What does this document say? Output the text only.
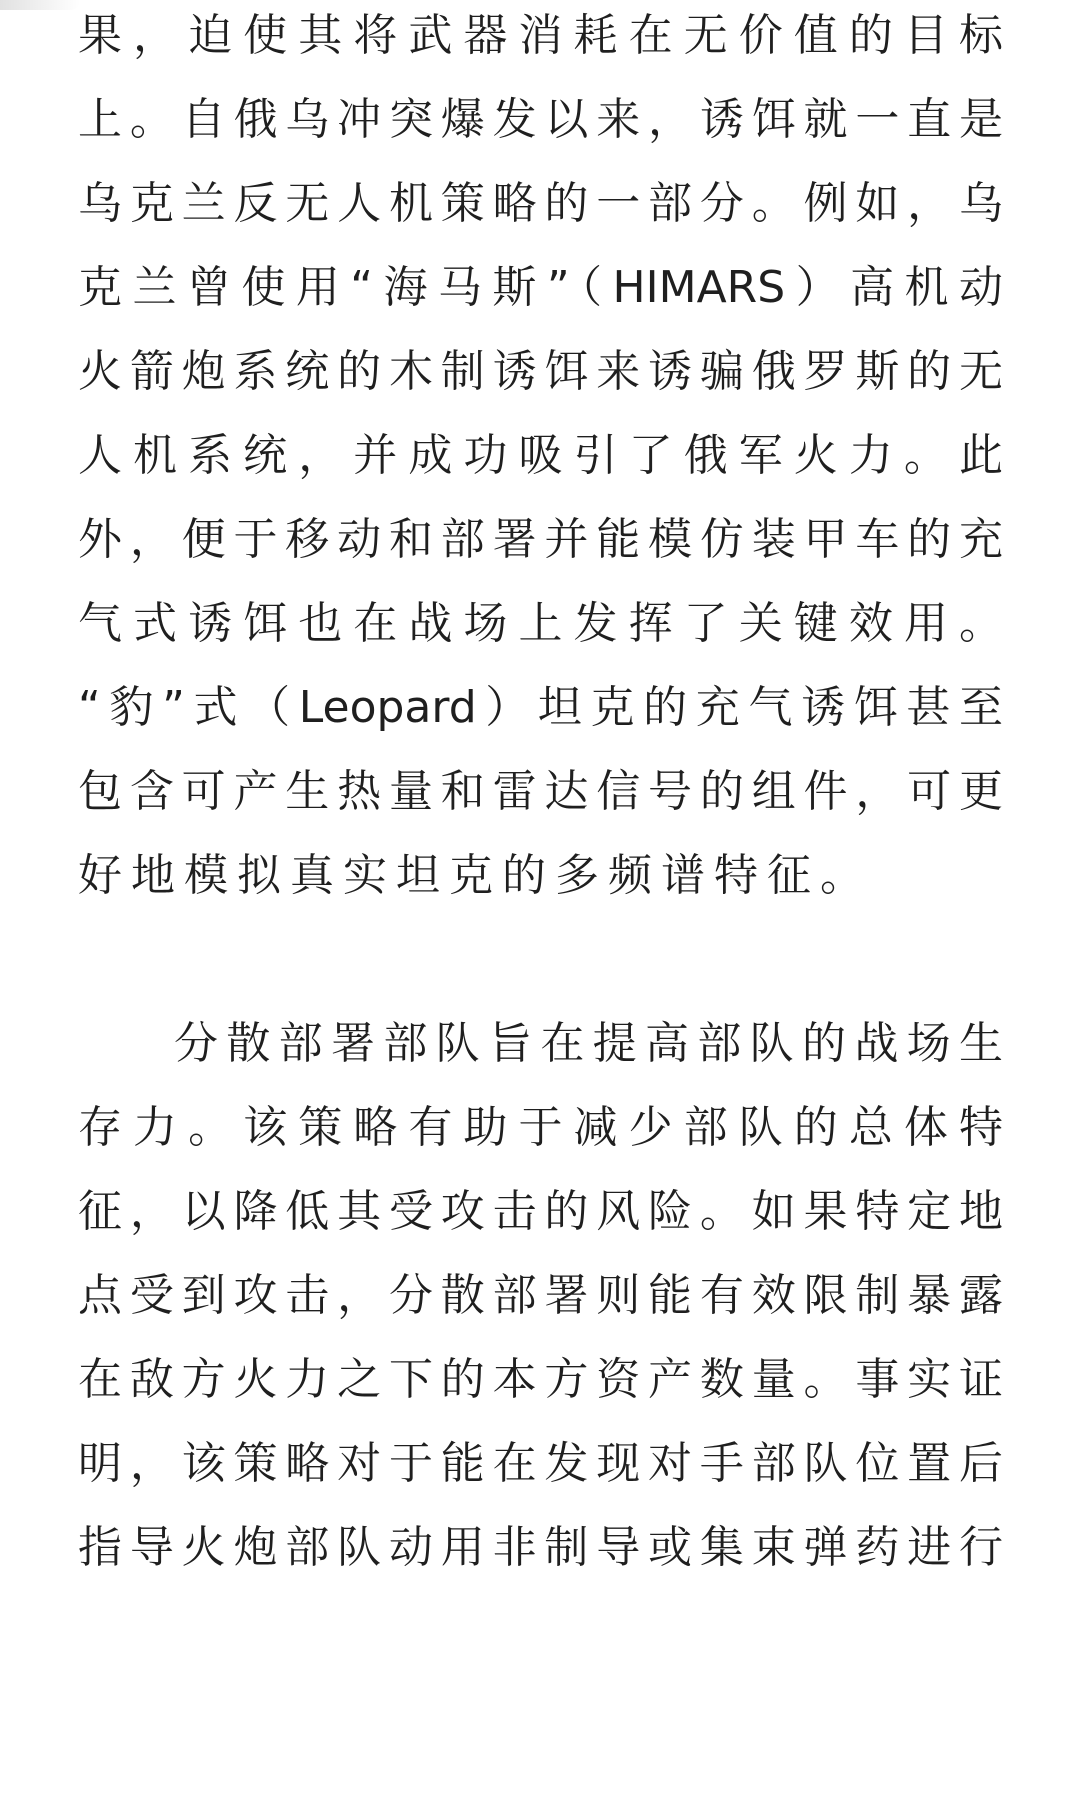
果，迫使其将武器消耗在无价值的目标
上。自俄乌冲突爆发以来，诱饵就一直是
乌克兰反无人机策略的一部分。例如，乌
克兰曾使用“海马斯”（HIMARS）高机动
火箭炮系统的木制诱饵来诱骗俄罗斯的无
人机系统，并成功吸引了俄军火力。此
外，便于移动和部署并能模仿装甲车的充
气式诱饵也在战场上发挥了关键效用。
“豹”式（Leopard）坦克的充气诱饵甚至
包含可产生热量和雷达信号的组件，可更
好地模拟真实坦克的多频谱特征。
分散部署部队旨在提高部队的战场生
存力。该策略有助于减少部队的总体特
征，以降低其受攻击的风险。如果特定地
点受到攻击，分散部署则能有效限制暴露
在敌方火力之下的本方资产数量。事实证
明，该策略对于能在发现对手部队位置后
指导火炮部队动用非制导或集束弹药进行
